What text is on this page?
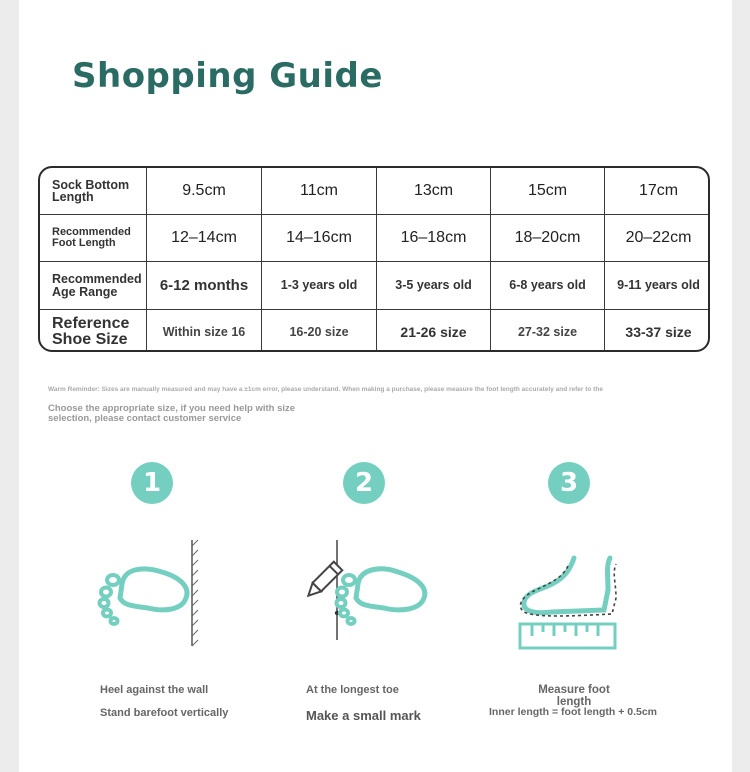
Shopping Guide
Sock Bottom Length	9.5cm	11cm	13cm	15cm	17cm
Recommended Foot Length	12–14cm	14–16cm	16–18cm	18–20cm	20–22cm
Recommended Age Range	6-12 months	1-3 years old	3-5 years old	6-8 years old	9-11 years old
Reference Shoe Size	Within size 16	16-20 size	21-26 size	27-32 size	33-37 size
Warm Reminder: Sizes are manually measured and may have a ±1cm error, please understand. When making a purchase, please measure the foot length accurately and refer to the
Choose the appropriate size, if you need help with size selection, please contact customer service
1
Heel against the wall
Stand barefoot vertically
2
At the longest toe
Make a small mark
3
Measure foot length
Inner length = foot length + 0.5cm
